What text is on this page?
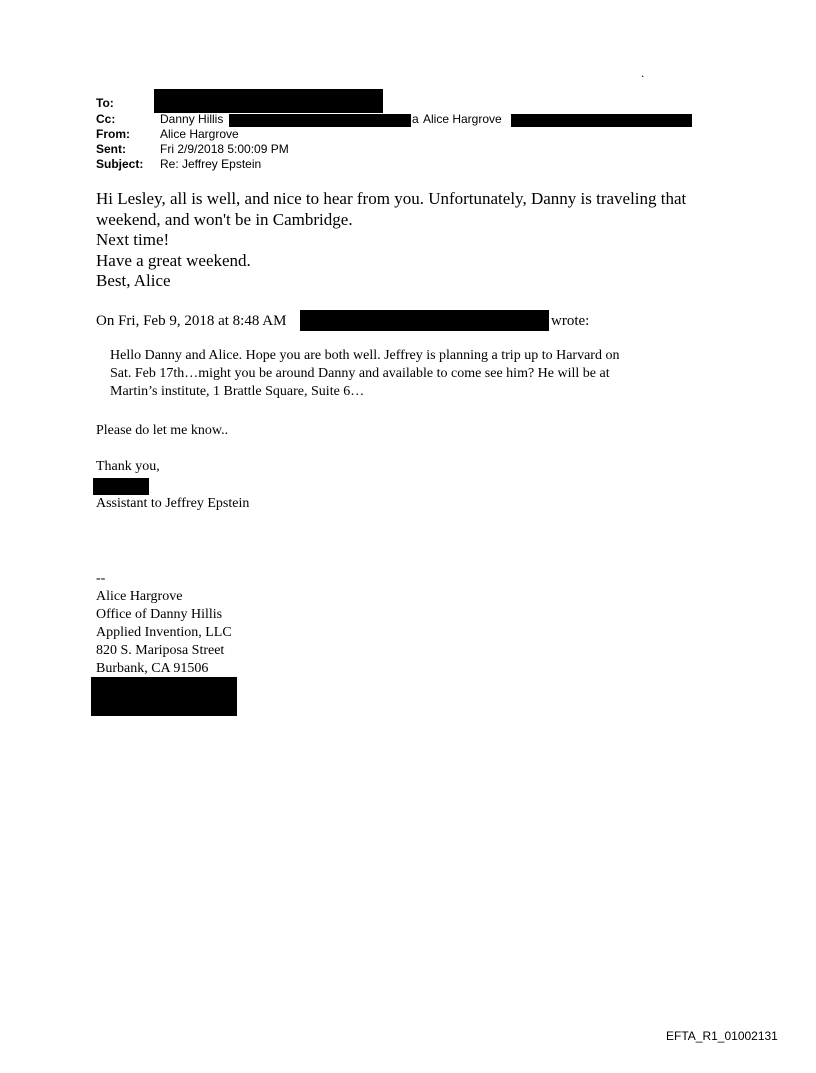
.
To:
Cc:	Danny Hillis	a Alice Hargrove
From:	Alice Hargrove
Sent:	Fri 2/9/2018 5:00:09 PM
Subject: Re: Jeffrey Epstein
Hi Lesley, all is well, and nice to hear from you. Unfortunately, Danny is traveling that
weekend, and won't be in Cambridge.
Next time!
Have a great weekend.
Best, Alice
On Fri, Feb 9, 2018 at 8:48 AM	wrote:
Hello Danny and Alice. Hope you are both well. Jeffrey is planning a trip up to Harvard on
Sat. Feb 17th…might you be around Danny and available to come see him? He will be at
Martin’s institute, 1 Brattle Square, Suite 6…
Please do let me know..
Thank you,
Assistant to Jeffrey Epstein
--
Alice Hargrove
Office of Danny Hillis
Applied Invention, LLC
820 S. Mariposa Street
Burbank, CA 91506
EFTA_R1_01002131
